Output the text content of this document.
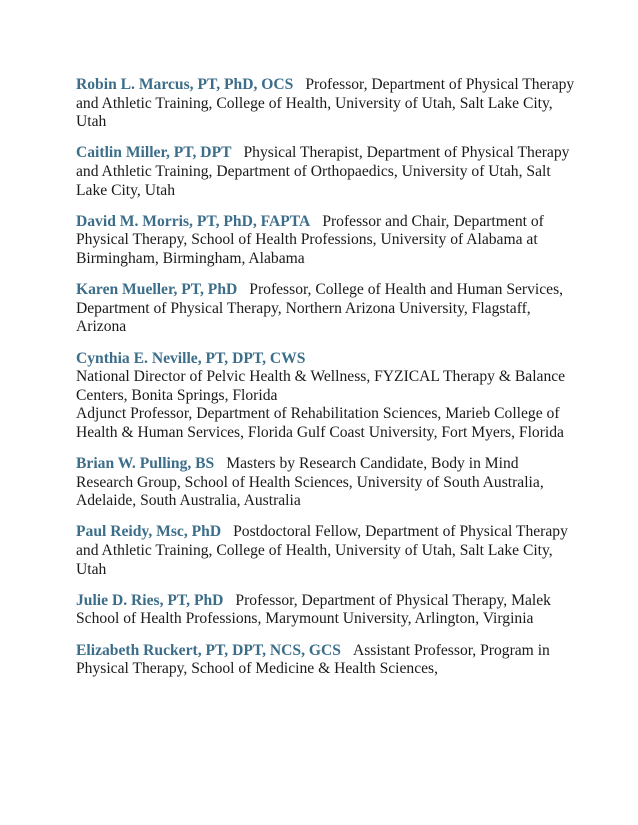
Robin L. Marcus, PT, PhD, OCS Professor, Department of Physical Therapy and Athletic Training, College of Health, University of Utah, Salt Lake City, Utah

Caitlin Miller, PT, DPT Physical Therapist, Department of Physical Therapy and Athletic Training, Department of Orthopaedics, University of Utah, Salt Lake City, Utah

David M. Morris, PT, PhD, FAPTA Professor and Chair, Department of Physical Therapy, School of Health Professions, University of Alabama at Birmingham, Birmingham, Alabama

Karen Mueller, PT, PhD Professor, College of Health and Human Services, Department of Physical Therapy, Northern Arizona University, Flagstaff, Arizona

Cynthia E. Neville, PT, DPT, CWS
National Director of Pelvic Health & Wellness, FYZICAL Therapy & Balance Centers, Bonita Springs, Florida
Adjunct Professor, Department of Rehabilitation Sciences, Marieb College of Health & Human Services, Florida Gulf Coast University, Fort Myers, Florida

Brian W. Pulling, BS Masters by Research Candidate, Body in Mind Research Group, School of Health Sciences, University of South Australia, Adelaide, South Australia, Australia

Paul Reidy, Msc, PhD Postdoctoral Fellow, Department of Physical Therapy and Athletic Training, College of Health, University of Utah, Salt Lake City, Utah

Julie D. Ries, PT, PhD Professor, Department of Physical Therapy, Malek School of Health Professions, Marymount University, Arlington, Virginia

Elizabeth Ruckert, PT, DPT, NCS, GCS Assistant Professor, Program in Physical Therapy, School of Medicine & Health Sciences,
